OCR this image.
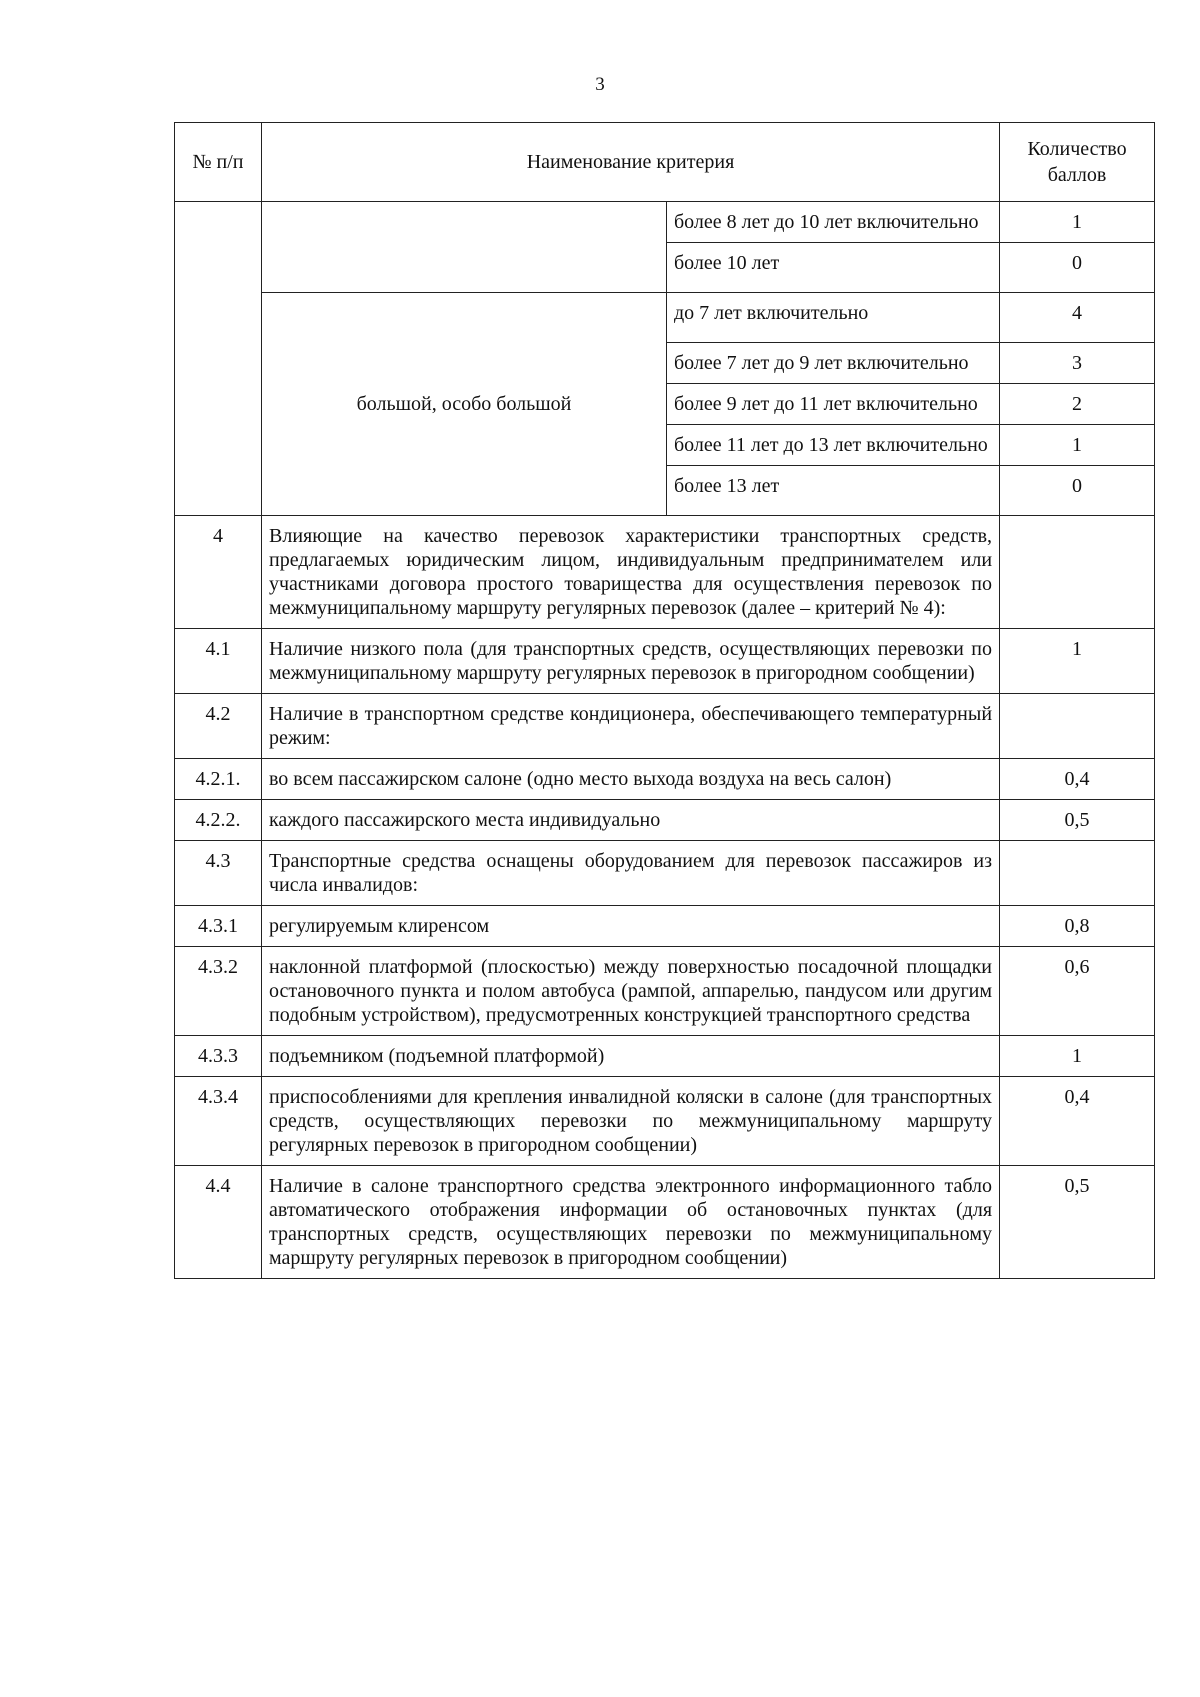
3
№ п/п	Наименование критерия		Количество баллов
		более 8 лет до 10 лет включительно	1
		более 10 лет	0
	большой, особо большой	до 7 лет включительно	4
		более 7 лет до 9 лет включительно	3
		более 9 лет до 11 лет включительно	2
		более 11 лет до 13 лет включительно	1
		более 13 лет	0
4	Влияющие на качество перевозок характеристики транспортных средств, предлагаемых юридическим лицом, индивидуальным предпринимателем или участниками договора простого товарищества для осуществления перевозок по межмуниципальному маршруту регулярных перевозок (далее – критерий № 4):		
4.1	Наличие низкого пола (для транспортных средств, осуществляющих перевозки по межмуниципальному маршруту регулярных перевозок в пригородном сообщении)		1
4.2	Наличие в транспортном средстве кондиционера, обеспечивающего температурный режим:		
4.2.1.	во всем пассажирском салоне (одно место выхода воздуха на весь салон)		0,4
4.2.2.	каждого пассажирского места индивидуально		0,5
4.3	Транспортные средства оснащены оборудованием для перевозок пассажиров из числа инвалидов:		
4.3.1	регулируемым клиренсом		0,8
4.3.2	наклонной платформой (плоскостью) между поверхностью посадочной площадки остановочного пункта и полом автобуса (рампой, аппарелью, пандусом или другим подобным устройством), предусмотренных конструкцией транспортного средства		0,6
4.3.3	подъемником (подъемной платформой)		1
4.3.4	приспособлениями для крепления инвалидной коляски в салоне (для транспортных средств, осуществляющих перевозки по межмуниципальному маршруту регулярных перевозок в пригородном сообщении)		0,4
4.4	Наличие в салоне транспортного средства электронного информационного табло автоматического отображения информации об остановочных пунктах (для транспортных средств, осуществляющих перевозки по межмуниципальному маршруту регулярных перевозок в пригородном сообщении)		0,5
